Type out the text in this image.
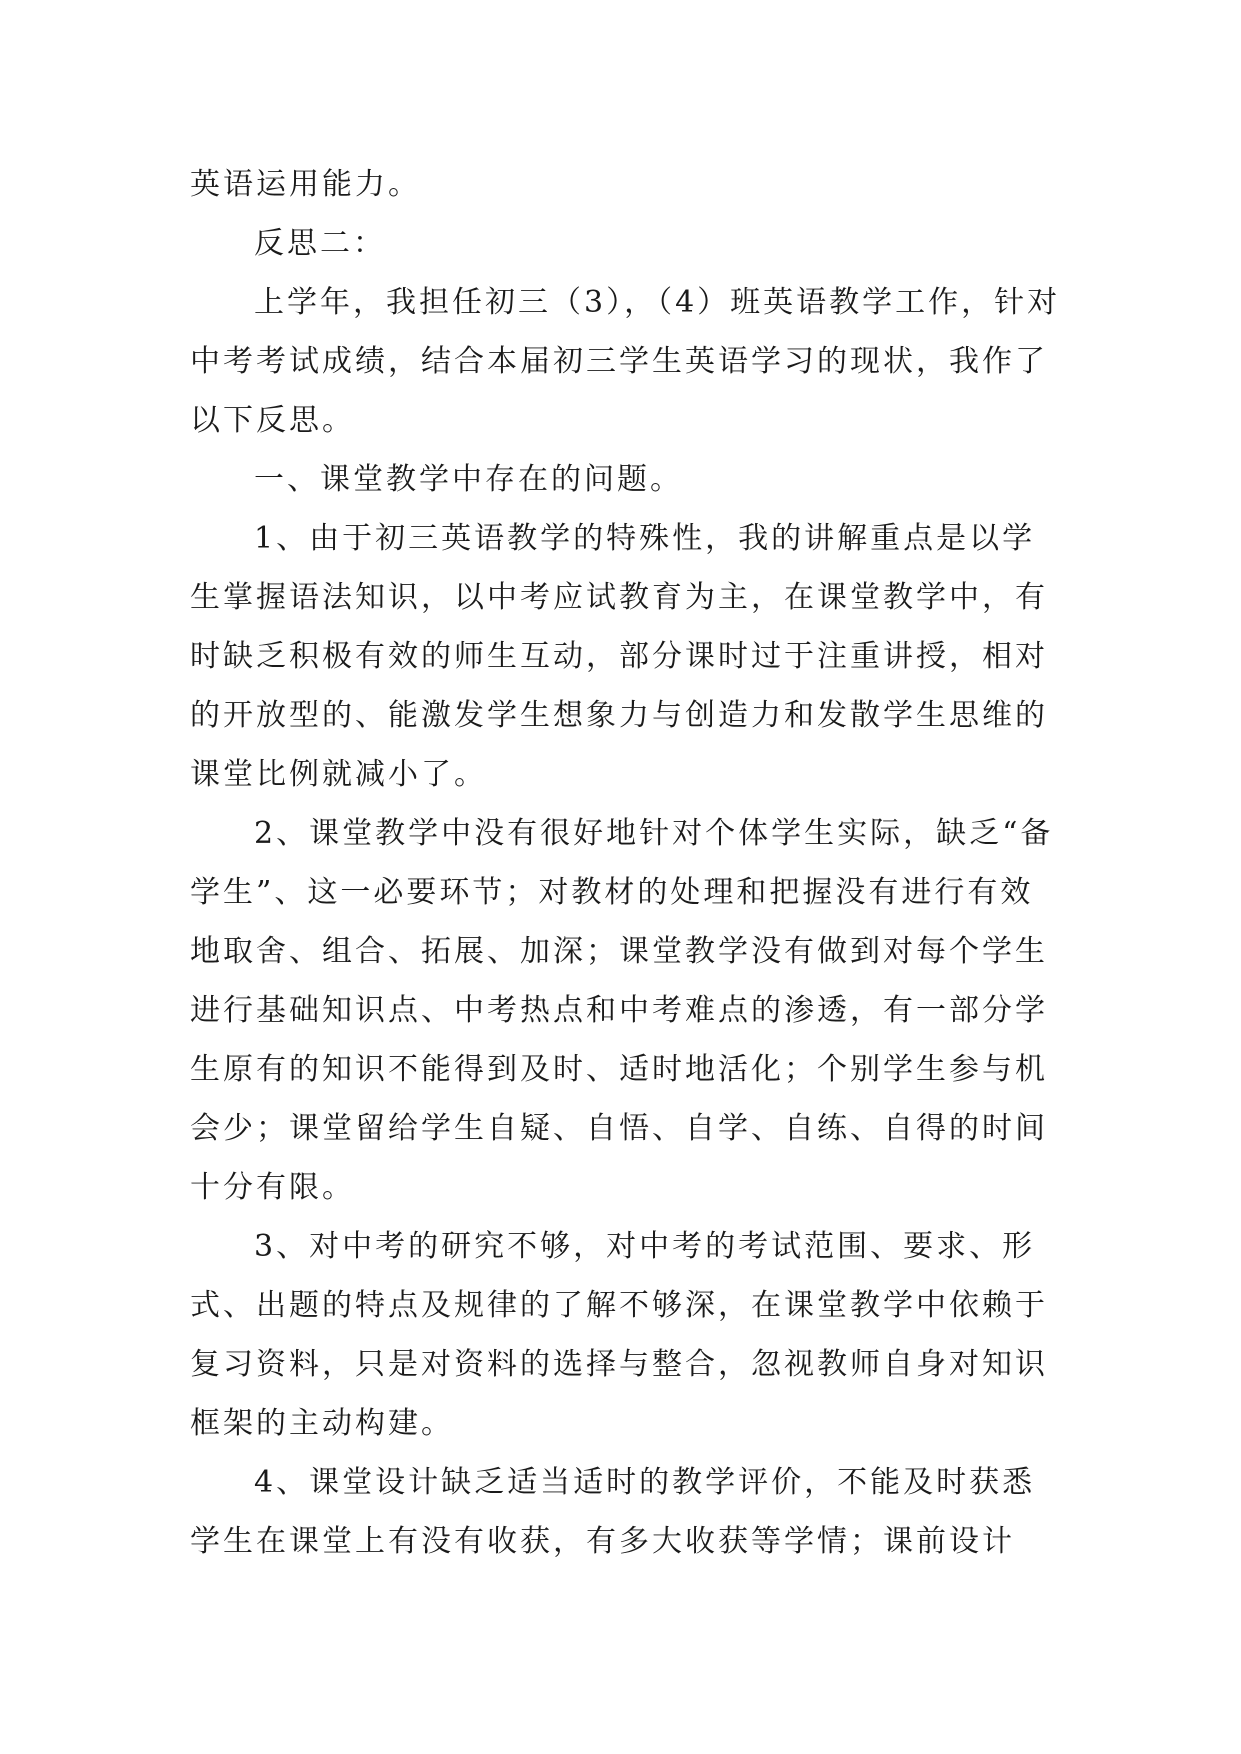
英语运用能力。
反思二：
上学年，我担任初三（3），（4）班英语教学工作，针对
中考考试成绩，结合本届初三学生英语学习的现状，我作了
以下反思。
一、课堂教学中存在的问题。
1、由于初三英语教学的特殊性，我的讲解重点是以学
生掌握语法知识，以中考应试教育为主，在课堂教学中，有
时缺乏积极有效的师生互动，部分课时过于注重讲授，相对
的开放型的、能激发学生想象力与创造力和发散学生思维的
课堂比例就减小了。
2、课堂教学中没有很好地针对个体学生实际，缺乏“备
学生”、这一必要环节；对教材的处理和把握没有进行有效
地取舍、组合、拓展、加深；课堂教学没有做到对每个学生
进行基础知识点、中考热点和中考难点的渗透，有一部分学
生原有的知识不能得到及时、适时地活化；个别学生参与机
会少；课堂留给学生自疑、自悟、自学、自练、自得的时间
十分有限。
3、对中考的研究不够，对中考的考试范围、要求、形
式、出题的特点及规律的了解不够深，在课堂教学中依赖于
复习资料，只是对资料的选择与整合，忽视教师自身对知识
框架的主动构建。
4、课堂设计缺乏适当适时的教学评价，不能及时获悉
学生在课堂上有没有收获，有多大收获等学情；课前设计
